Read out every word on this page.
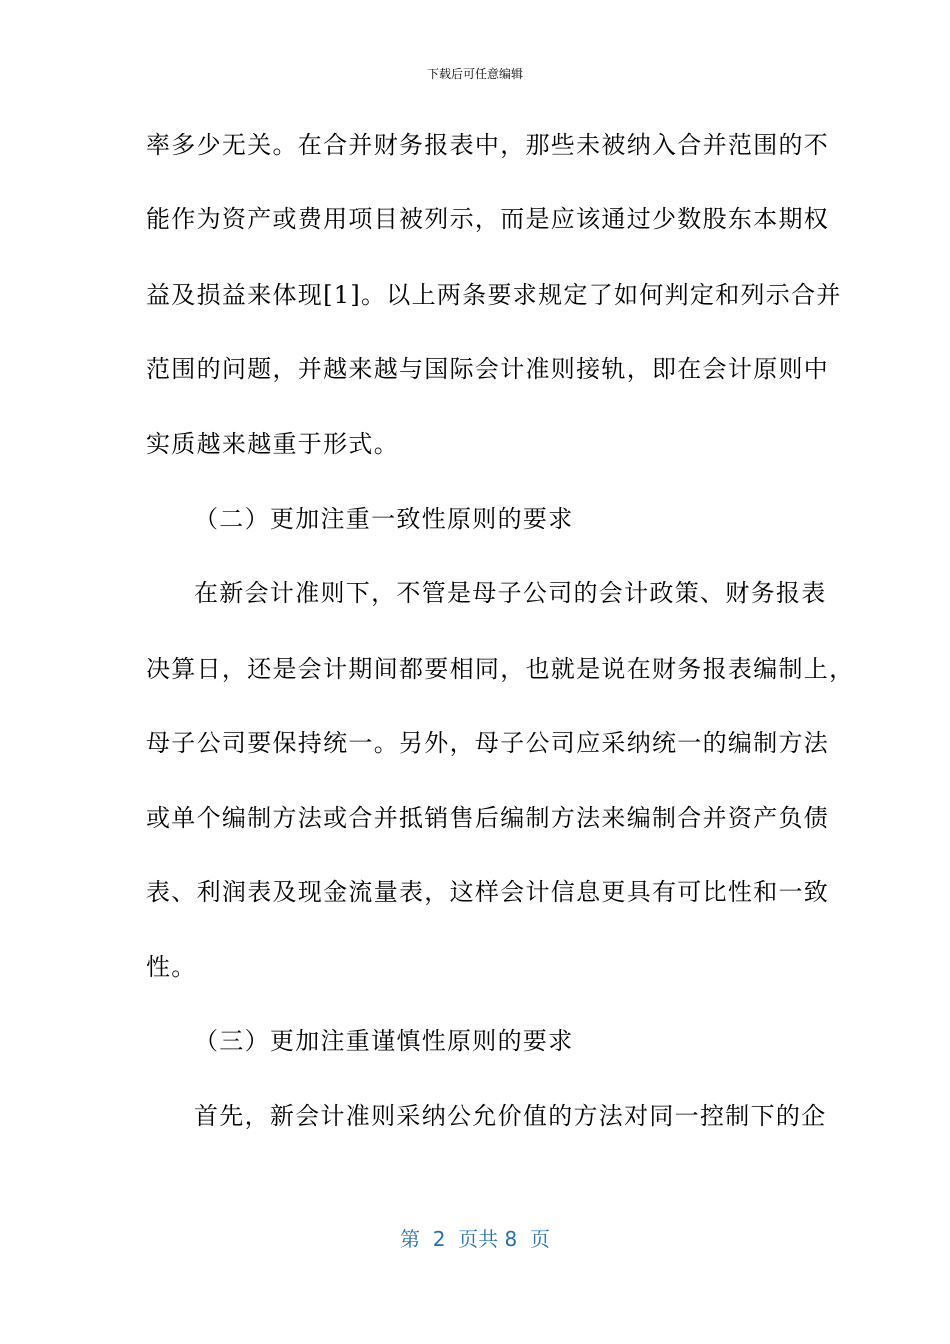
下载后可任意编辑
率多少无关。在合并财务报表中，那些未被纳入合并范围的不
能作为资产或费用项目被列示，而是应该通过少数股东本期权
益及损益来体现[1]。以上两条要求规定了如何判定和列示合并
范围的问题，并越来越与国际会计准则接轨，即在会计原则中
实质越来越重于形式。
（二）更加注重一致性原则的要求
在新会计准则下，不管是母子公司的会计政策、财务报表
决算日，还是会计期间都要相同，也就是说在财务报表编制上，
母子公司要保持统一。另外，母子公司应采纳统一的编制方法
或单个编制方法或合并抵销售后编制方法来编制合并资产负债
表、利润表及现金流量表，这样会计信息更具有可比性和一致
性。
（三）更加注重谨慎性原则的要求
首先，新会计准则采纳公允价值的方法对同一控制下的企
第  2  页共 8  页
